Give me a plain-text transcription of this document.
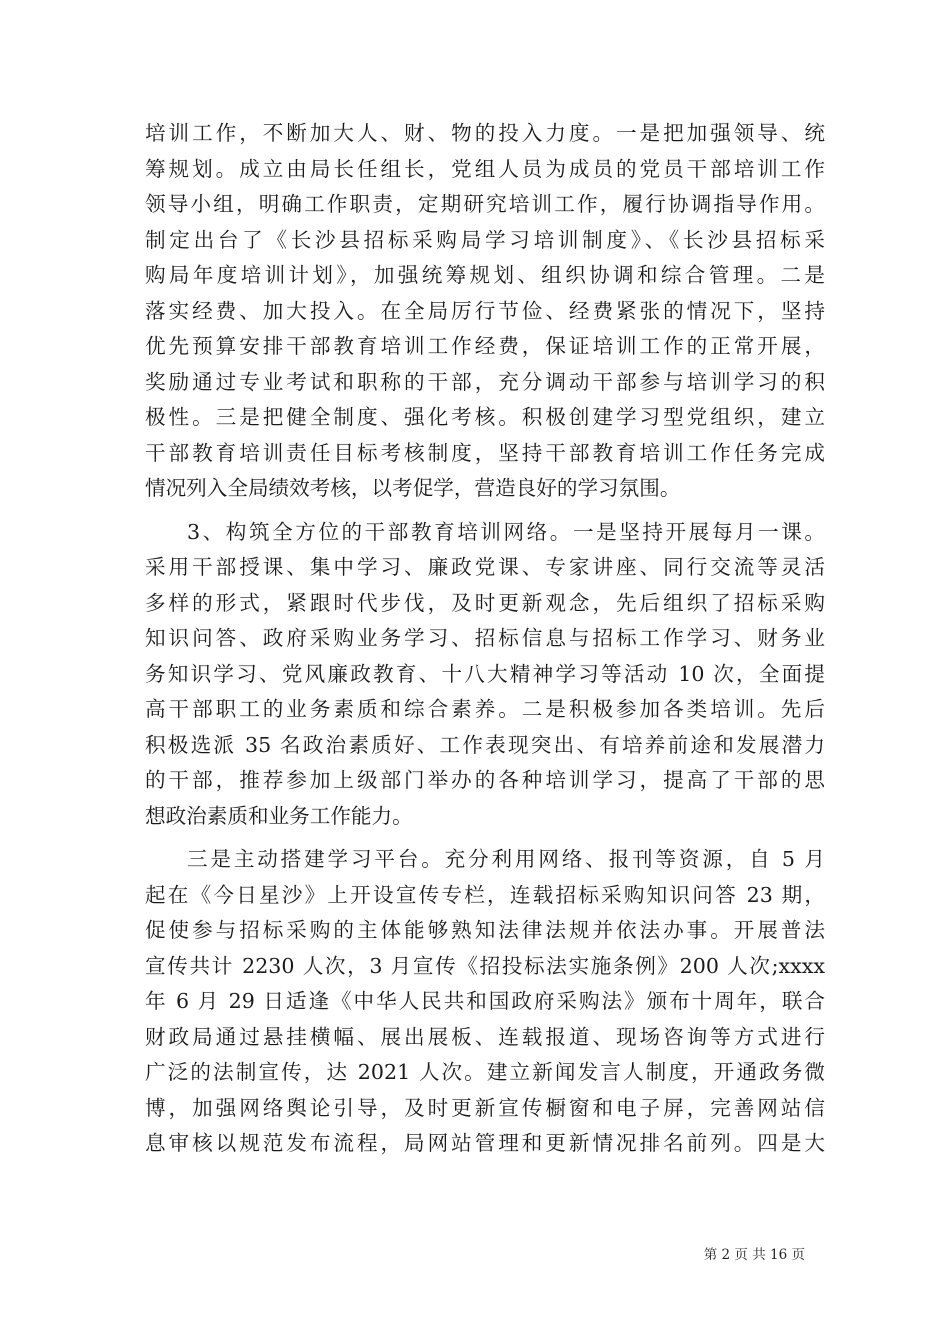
培训工作，不断加大人、财、物的投入力度。一是把加强领导、统
筹规划。成立由局长任组长，党组人员为成员的党员干部培训工作
领导小组，明确工作职责，定期研究培训工作，履行协调指导作用。
制定出台了《长沙县招标采购局学习培训制度》、《长沙县招标采
购局年度培训计划》，加强统筹规划、组织协调和综合管理。二是
落实经费、加大投入。在全局厉行节俭、经费紧张的情况下，坚持
优先预算安排干部教育培训工作经费，保证培训工作的正常开展，
奖励通过专业考试和职称的干部，充分调动干部参与培训学习的积
极性。三是把健全制度、强化考核。积极创建学习型党组织，建立
干部教育培训责任目标考核制度，坚持干部教育培训工作任务完成
情况列入全局绩效考核，以考促学，营造良好的学习氛围。
3、构筑全方位的干部教育培训网络。一是坚持开展每月一课。
采用干部授课、集中学习、廉政党课、专家讲座、同行交流等灵活
多样的形式，紧跟时代步伐，及时更新观念，先后组织了招标采购
知识问答、政府采购业务学习、招标信息与招标工作学习、财务业
务知识学习、党风廉政教育、十八大精神学习等活动 10 次，全面提
高干部职工的业务素质和综合素养。二是积极参加各类培训。先后
积极选派 35 名政治素质好、工作表现突出、有培养前途和发展潜力
的干部，推荐参加上级部门举办的各种培训学习，提高了干部的思
想政治素质和业务工作能力。
三是主动搭建学习平台。充分利用网络、报刊等资源，自 5 月
起在《今日星沙》上开设宣传专栏，连载招标采购知识问答 23 期，
促使参与招标采购的主体能够熟知法律法规并依法办事。开展普法
宣传共计 2230 人次，3 月宣传《招投标法实施条例》200 人次;xxxx
年 6 月 29 日适逢《中华人民共和国政府采购法》颁布十周年，联合
财政局通过悬挂横幅、展出展板、连载报道、现场咨询等方式进行
广泛的法制宣传，达 2021 人次。建立新闻发言人制度，开通政务微
博，加强网络舆论引导，及时更新宣传橱窗和电子屏，完善网站信
息审核以规范发布流程，局网站管理和更新情况排名前列。四是大
第 2 页 共 16 页
